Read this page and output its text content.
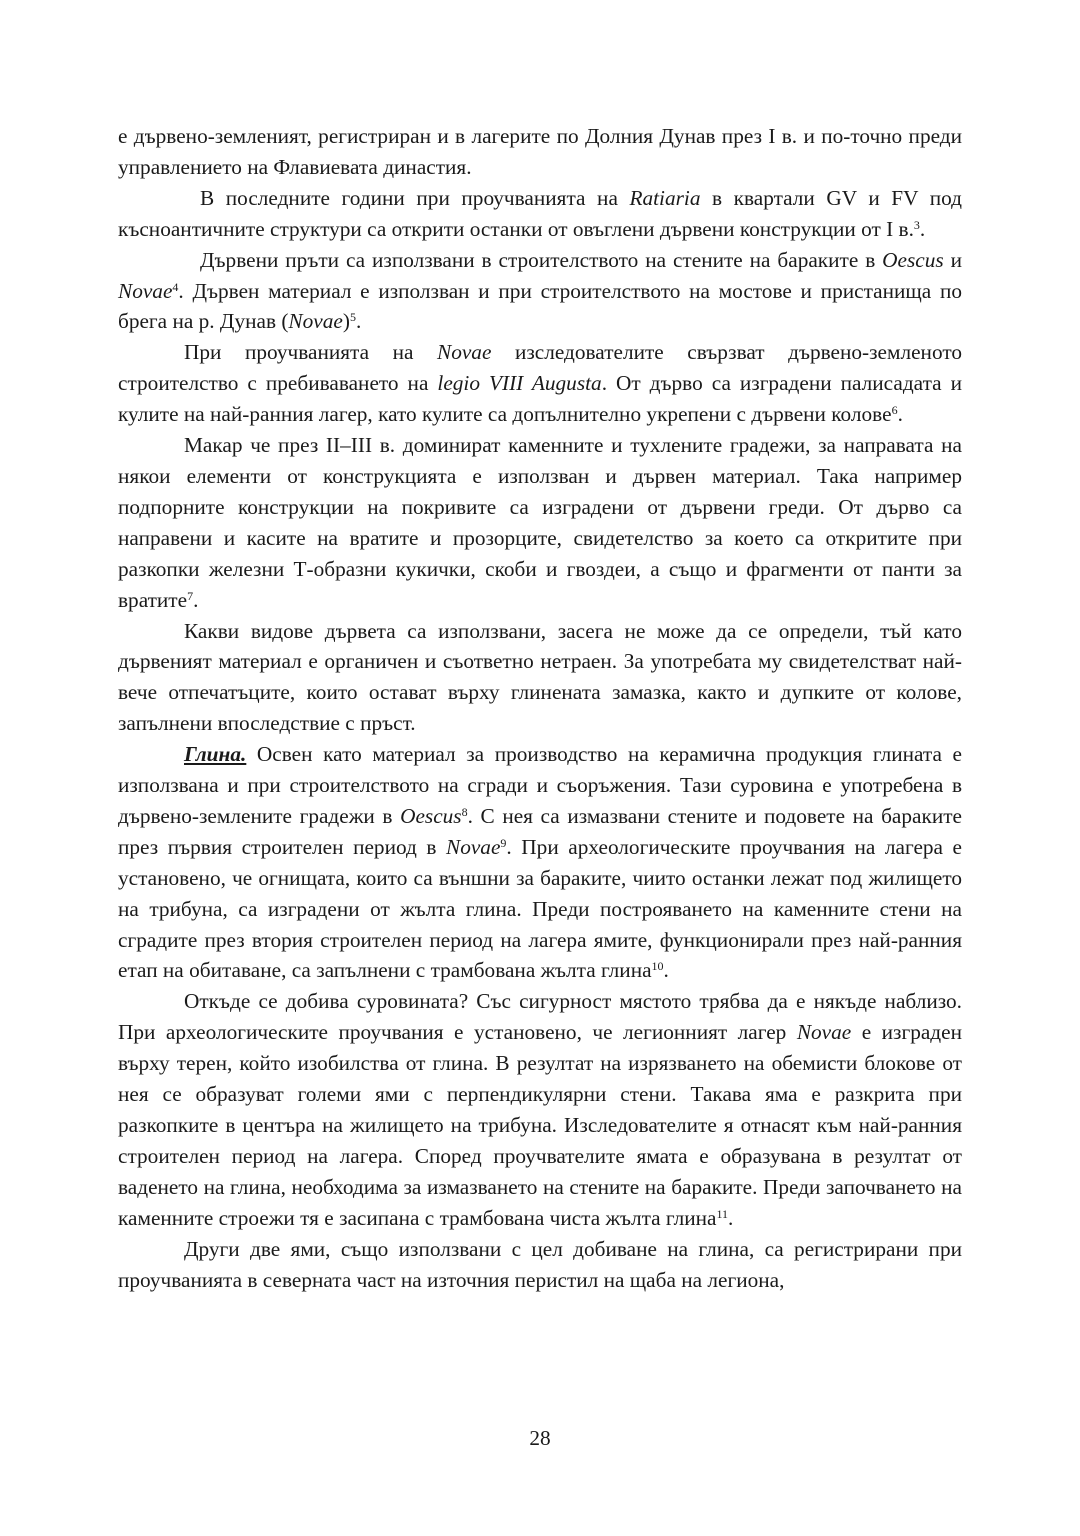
е дървено-земленият, регистриран и в лагерите по Долния Дунав през I в. и по-точно преди управлението на Флавиевата династия.

В последните години при проучванията на Ratiaria в квартали GV и FV под късноантичните структури са открити останки от овъглени дървени конструкции от I в.$^3$.

Дървени пръти са използвани в строителството на стените на бараките в Oescus и Novae$^4$. Дървен материал е използван и при строителството на мостове и пристанища по брега на р. Дунав (Novae)$^5$.

При проучванията на Novae изследователите свързват дървено-земленото строителство с пребиваването на legio VIII Augusta. От дърво са изградени палисадата и кулите на най-ранния лагер, като кулите са допълнително укрепени с дървени колове$^6$.

Макар че през II–III в. доминират каменните и тухлените градежи, за направата на някои елементи от конструкцията е използван и дървен материал. Така например подпорните конструкции на покривите са изградени от дървени греди. От дърво са направени и касите на вратите и прозорците, свидетелство за което са откритите при разкопки железни Т-образни кукички, скоби и гвоздеи, а също и фрагменти от панти за вратите$^7$.

Какви видове дървета са използвани, засега не може да се определи, тъй като дървеният материал е органичен и съответно нетраен. За употребата му свидетелстват най-вече отпечатъците, които остават върху глинената замазка, както и дупките от колове, запълнени впоследствие с пръст.

Глина. Освен като материал за производство на керамична продукция глината е използвана и при строителството на сгради и съоръжения. Тази суровина е употребена в дървено-землените градежи в Oescus$^8$. С нея са измазвани стените и подовете на бараките през първия строителен период в Novae$^9$. При археологическите проучвания на лагера е установено, че огнищата, които са външни за бараките, чиито останки лежат под жилището на трибуна, са изградени от жълта глина. Преди построяването на каменните стени на сградите през втория строителен период на лагера ямите, функционирали през най-ранния етап на обитаване, са запълнени с трамбована жълта глина$^{10}$.

Откъде се добива суровината? Със сигурност мястото трябва да е някъде наблизо. При археологическите проучвания е установено, че легионният лагер Novae е изграден върху терен, който изобилства от глина. В резултат на изрязването на обемисти блокове от нея се образуват големи ями с перпендикулярни стени. Такава яма е разкрита при разкопките в центъра на жилището на трибуна. Изследователите я отнасят към най-ранния строителен период на лагера. Според проучвателите ямата е образувана в резултат от ваденето на глина, необходима за измазването на стените на бараките. Преди започването на каменните строежи тя е засипана с трамбована чиста жълта глина$^{11}$.

Други две ями, също използвани с цел добиване на глина, са регистрирани при проучванията в северната част на източния перистил на щаба на легиона,

28
